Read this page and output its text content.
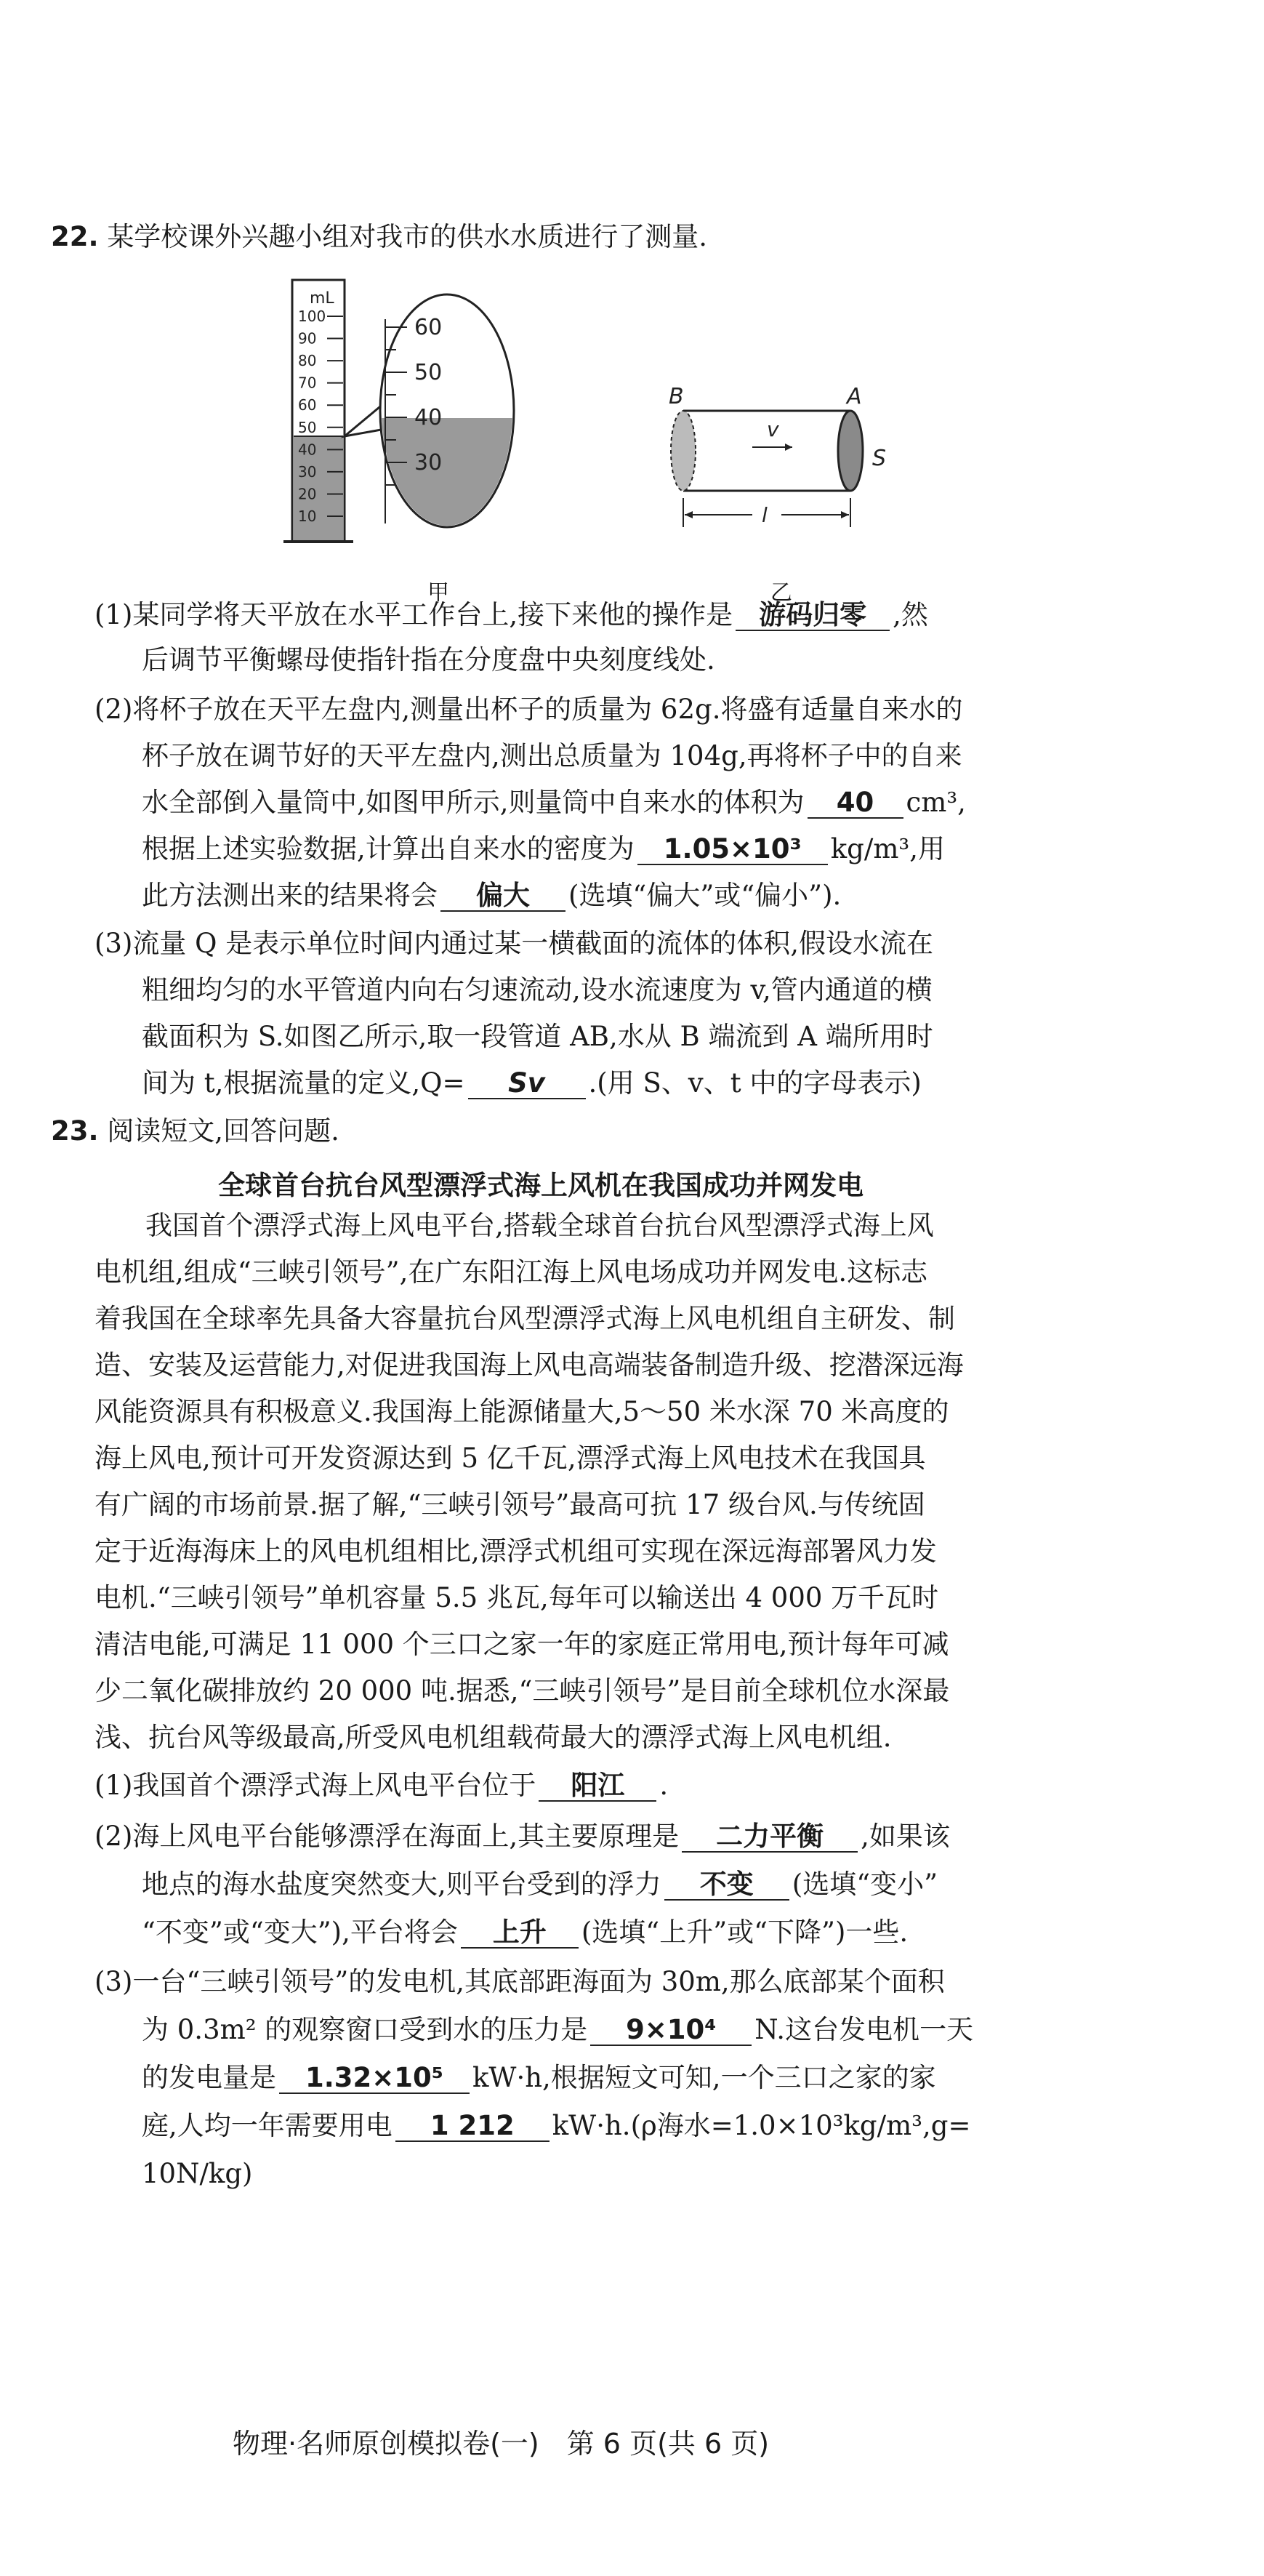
22. 某学校课外兴趣小组对我市的供水水质进行了测量.
mL
100
90
80
70
60
50
40
30
20
10
60
50
40
30
甲
v
B	A
S
l
乙
(1)某同学将天平放在水平工作台上,接下来他的操作是 游码归零 ,然
后调节平衡螺母使指针指在分度盘中央刻度线处.
(2)将杯子放在天平左盘内,测量出杯子的质量为 62g.将盛有适量自来水的
杯子放在调节好的天平左盘内,测出总质量为 104g,再将杯子中的自来
水全部倒入量筒中,如图甲所示,则量筒中自来水的体积为 40 cm³,
根据上述实验数据,计算出自来水的密度为 1.05×10³ kg/m³,用
此方法测出来的结果将会 偏大 (选填“偏大”或“偏小”).
(3)流量 Q 是表示单位时间内通过某一横截面的流体的体积,假设水流在
粗细均匀的水平管道内向右匀速流动,设水流速度为 v,管内通道的横
截面积为 S.如图乙所示,取一段管道 AB,水从 B 端流到 A 端所用时
间为 t,根据流量的定义,Q= Sv .(用 S、v、t 中的字母表示)
23. 阅读短文,回答问题.
全球首台抗台风型漂浮式海上风机在我国成功并网发电
我国首个漂浮式海上风电平台,搭载全球首台抗台风型漂浮式海上风
电机组,组成“三峡引领号”,在广东阳江海上风电场成功并网发电.这标志
着我国在全球率先具备大容量抗台风型漂浮式海上风电机组自主研发、制
造、安装及运营能力,对促进我国海上风电高端装备制造升级、挖潜深远海
风能资源具有积极意义.我国海上能源储量大,5～50 米水深 70 米高度的
海上风电,预计可开发资源达到 5 亿千瓦,漂浮式海上风电技术在我国具
有广阔的市场前景.据了解,“三峡引领号”最高可抗 17 级台风.与传统固
定于近海海床上的风电机组相比,漂浮式机组可实现在深远海部署风力发
电机.“三峡引领号”单机容量 5.5 兆瓦,每年可以输送出 4 000 万千瓦时
清洁电能,可满足 11 000 个三口之家一年的家庭正常用电,预计每年可减
少二氧化碳排放约 20 000 吨.据悉,“三峡引领号”是目前全球机位水深最
浅、抗台风等级最高,所受风电机组载荷最大的漂浮式海上风电机组.
(1)我国首个漂浮式海上风电平台位于 阳江 .
(2)海上风电平台能够漂浮在海面上,其主要原理是 二力平衡 ,如果该
地点的海水盐度突然变大,则平台受到的浮力 不变 (选填“变小”
“不变”或“变大”),平台将会 上升 (选填“上升”或“下降”)一些.
(3)一台“三峡引领号”的发电机,其底部距海面为 30m,那么底部某个面积
为 0.3m² 的观察窗口受到水的压力是 9×10⁴ N.这台发电机一天
的发电量是 1.32×10⁵ kW·h,根据短文可知,一个三口之家的家
庭,人均一年需要用电 1 212 kW·h.(ρ海水=1.0×10³kg/m³,g=
10N/kg)
物理·名师原创模拟卷(一)　第 6 页(共 6 页)
